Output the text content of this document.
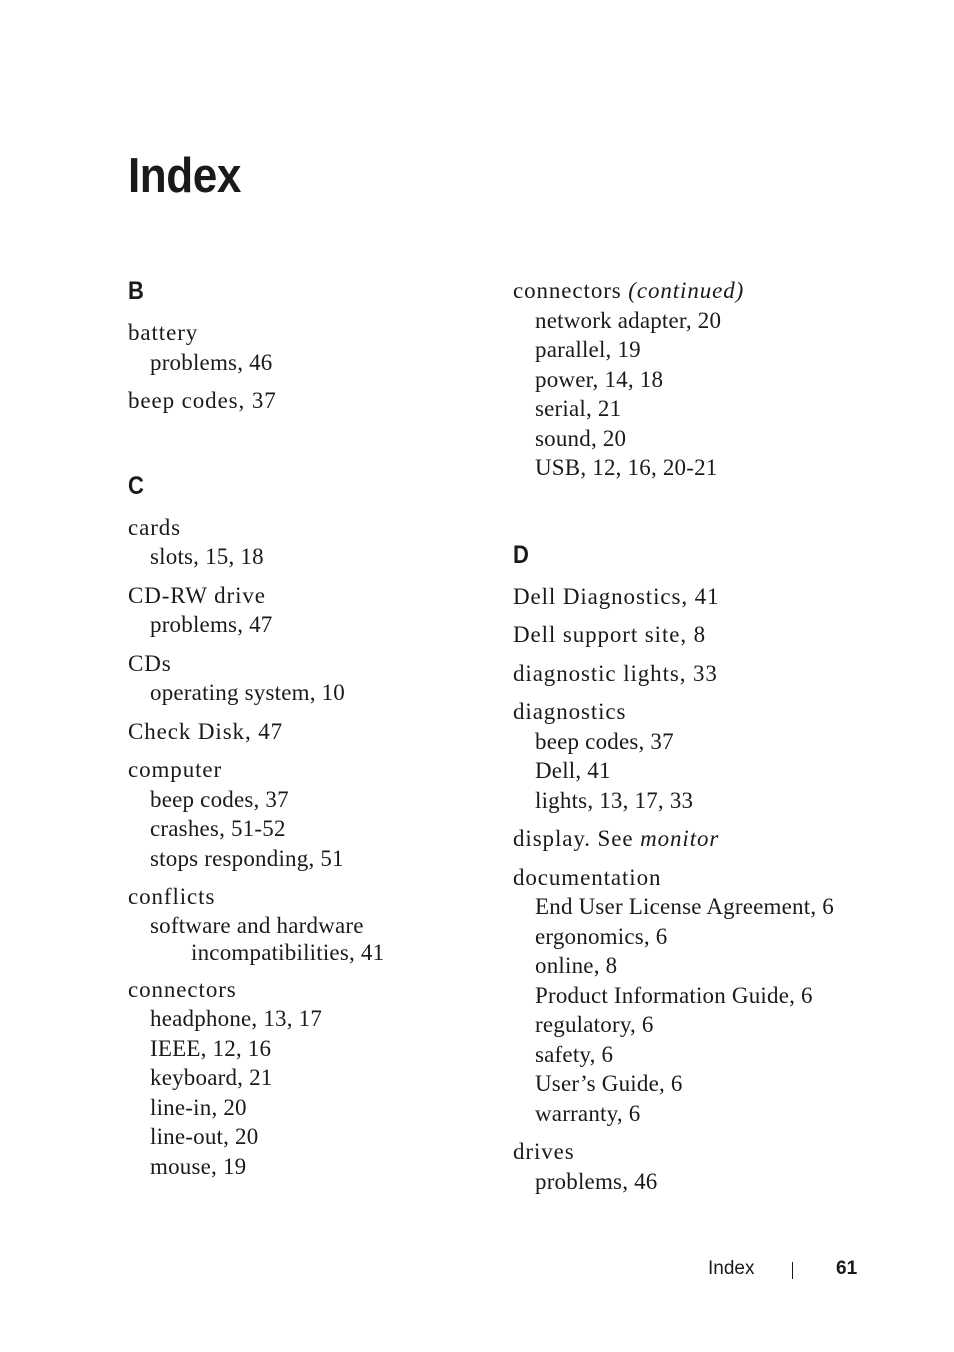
Index
B
battery
problems, 46
beep codes, 37
C
cards
slots, 15, 18
CD-RW drive
problems, 47
CDs
operating system, 10
Check Disk, 47
computer
beep codes, 37
crashes, 51-52
stops responding, 51
conflicts
software and hardware
incompatibilities, 41
connectors
headphone, 13, 17
IEEE, 12, 16
keyboard, 21
line-in, 20
line-out, 20
mouse, 19
connectors (continued)
network adapter, 20
parallel, 19
power, 14, 18
serial, 21
sound, 20
USB, 12, 16, 20-21
D
Dell Diagnostics, 41
Dell support site, 8
diagnostic lights, 33
diagnostics
beep codes, 37
Dell, 41
lights, 13, 17, 33
display. See monitor
documentation
End User License Agreement, 6
ergonomics, 6
online, 8
Product Information Guide, 6
regulatory, 6
safety, 6
User’s Guide, 6
warranty, 6
drives
problems, 46
Index	61
